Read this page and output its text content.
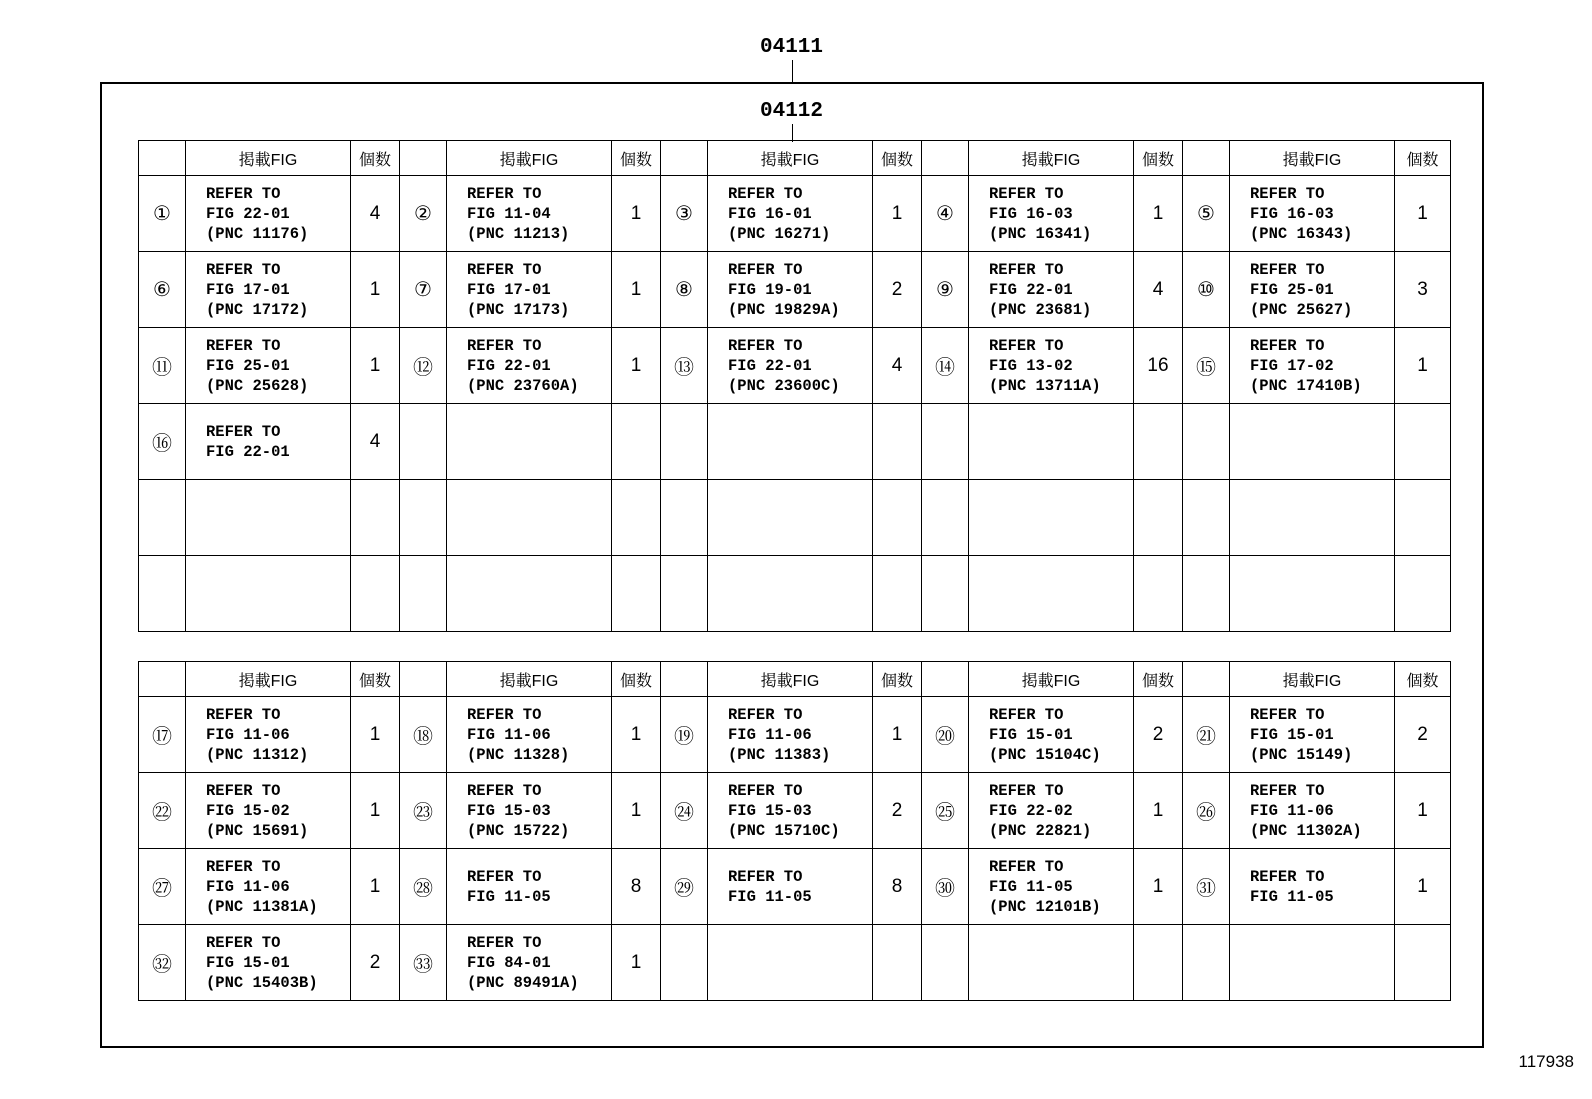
04111
04112
	掲載FIG	個数		掲載FIG	個数		掲載FIG	個数		掲載FIG	個数		掲載FIG	個数
①	REFER TO
FIG 22-01
(PNC 11176)	4	②	REFER TO
FIG 11-04
(PNC 11213)	1	③	REFER TO
FIG 16-01
(PNC 16271)	1	④	REFER TO
FIG 16-03
(PNC 16341)	1	⑤	REFER TO
FIG 16-03
(PNC 16343)	1
⑥	REFER TO
FIG 17-01
(PNC 17172)	1	⑦	REFER TO
FIG 17-01
(PNC 17173)	1	⑧	REFER TO
FIG 19-01
(PNC 19829A)	2	⑨	REFER TO
FIG 22-01
(PNC 23681)	4	⑩	REFER TO
FIG 25-01
(PNC 25627)	3
⑪	REFER TO
FIG 25-01
(PNC 25628)	1	⑫	REFER TO
FIG 22-01
(PNC 23760A)	1	⑬	REFER TO
FIG 22-01
(PNC 23600C)	4	⑭	REFER TO
FIG 13-02
(PNC 13711A)	16	⑮	REFER TO
FIG 17-02
(PNC 17410B)	1
⑯	REFER TO
FIG 22-01	4												

	掲載FIG	個数		掲載FIG	個数		掲載FIG	個数		掲載FIG	個数		掲載FIG	個数
⑰	REFER TO
FIG 11-06
(PNC 11312)	1	⑱	REFER TO
FIG 11-06
(PNC 11328)	1	⑲	REFER TO
FIG 11-06
(PNC 11383)	1	⑳	REFER TO
FIG 15-01
(PNC 15104C)	2	㉑	REFER TO
FIG 15-01
(PNC 15149)	2
㉒	REFER TO
FIG 15-02
(PNC 15691)	1	㉓	REFER TO
FIG 15-03
(PNC 15722)	1	㉔	REFER TO
FIG 15-03
(PNC 15710C)	2	㉕	REFER TO
FIG 22-02
(PNC 22821)	1	㉖	REFER TO
FIG 11-06
(PNC 11302A)	1
㉗	REFER TO
FIG 11-06
(PNC 11381A)	1	㉘	REFER TO
FIG 11-05	8	㉙	REFER TO
FIG 11-05	8	㉚	REFER TO
FIG 11-05
(PNC 12101B)	1	㉛	REFER TO
FIG 11-05	1
㉜	REFER TO
FIG 15-01
(PNC 15403B)	2	㉝	REFER TO
FIG 84-01
(PNC 89491A)	1									
117938
